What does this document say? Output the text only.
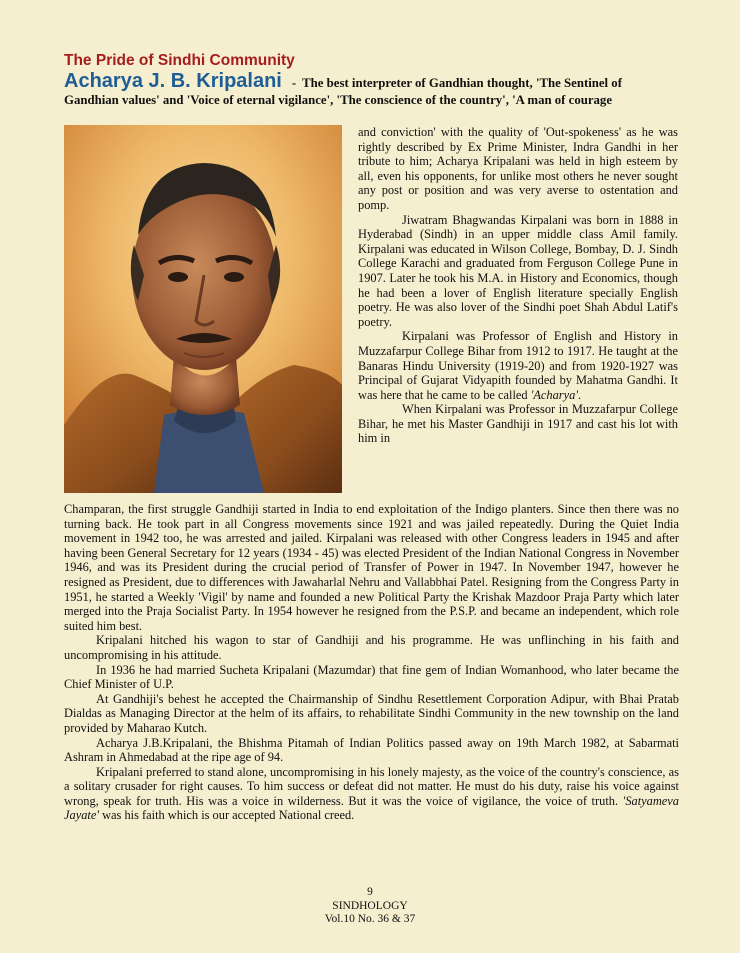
The Pride of Sindhi Community
Acharya J. B. Kripalani - The best interpreter of Gandhian thought, 'The Sentinel of
Gandhian values' and 'Voice of eternal vigilance', 'The conscience of the country', 'A man of courage

and conviction' with the quality of 'Out-spokeness' as he was rightly described by Ex Prime Minister, Indra Gandhi in her tribute to him; Acharya Kripalani was held in high esteem by all, even his opponents, for unlike most others he never sought any post or position and was very averse to ostentation and pomp.

Jiwatram Bhagwandas Kirpalani was born in 1888 in Hyderabad (Sindh) in an upper middle class Amil family. Kirpalani was educated in Wilson College, Bombay, D. J. Sindh College Karachi and graduated from Ferguson College Pune in 1907. Later he took his M.A. in History and Economics, though he had been a lover of English literature specially English poetry. He was also lover of the Sindhi poet Shah Abdul Latif's poetry.

Kirpalani was Professor of English and History in Muzzafarpur College Bihar from 1912 to 1917. He taught at the Banaras Hindu University (1919-20) and from 1920-1927 was Principal of Gujarat Vidyapith founded by Mahatma Gandhi. It was here that he came to be called 'Acharya'.

When Kirpalani was Professor in Muzzafarpur College Bihar, he met his Master Gandhiji in 1917 and cast his lot with him in

Champaran, the first struggle Gandhiji started in India to end exploitation of the Indigo planters. Since then there was no turning back. He took part in all Congress movements since 1921 and was jailed repeatedly. During the Quiet India movement in 1942 too, he was arrested and jailed. Kirpalani was released with other Congress leaders in 1945 and after having been General Secretary for 12 years (1934 - 45) was elected President of the Indian National Congress in November 1946, and was its President during the crucial period of Transfer of Power in 1947. In November 1947, however he resigned as President, due to differences with Jawaharlal Nehru and Vallabbhai Patel. Resigning from the Congress Party in 1951, he started a Weekly 'Vigil' by name and founded a new Political Party the Krishak Mazdoor Praja Party which later merged into the Praja Socialist Party. In 1954 however he resigned from the P.S.P. and became an independent, which role suited him best.

Kripalani hitched his wagon to star of Gandhiji and his programme. He was unflinching in his faith and uncompromising in his attitude.

In 1936 he had married Sucheta Kripalani (Mazumdar) that fine gem of Indian Womanhood, who later became the Chief Minister of U.P.

At Gandhiji's behest he accepted the Chairmanship of Sindhu Resettlement Corporation Adipur, with Bhai Pratab Dialdas as Managing Director at the helm of its affairs, to rehabilitate Sindhi Community in the new township on the land provided by Maharao Kutch.

Acharya J.B.Kripalani, the Bhishma Pitamah of Indian Politics passed away on 19th March 1982, at Sabarmati Ashram in Ahmedabad at the ripe age of 94.

Kripalani preferred to stand alone, uncompromising in his lonely majesty, as the voice of the country's conscience, as a solitary crusader for right causes. To him success or defeat did not matter. He must do his duty, raise his voice against wrong, speak for truth. His was a voice in wilderness. But it was the voice of vigilance, the voice of truth. 'Satyameva Jayate' was his faith which is our accepted National creed.

9
SINDHOLOGY
Vol.10 No. 36 & 37
